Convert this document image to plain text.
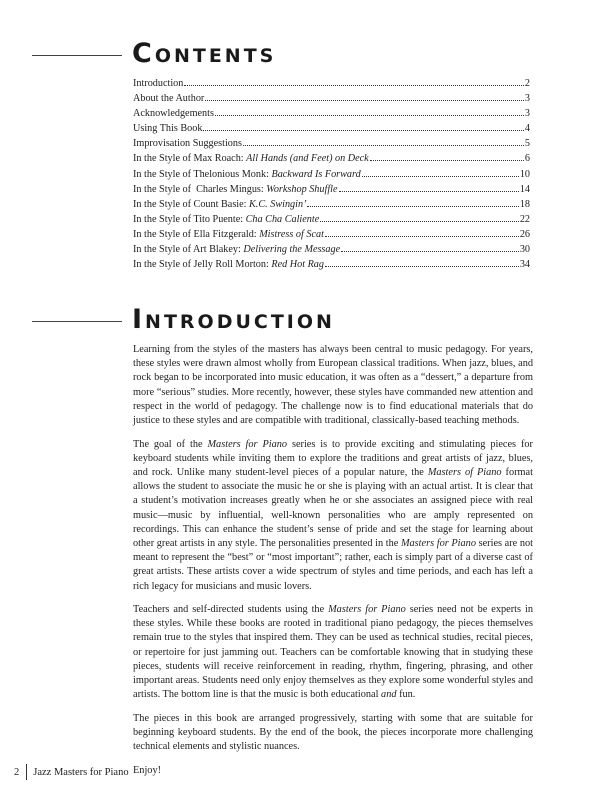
Contents
Introduction	2
About the Author	3
Acknowledgements	3
Using This Book	4
Improvisation Suggestions	5
In the Style of Max Roach: All Hands (and Feet) on Deck	6
In the Style of Thelonious Monk: Backward Is Forward	10
In the Style of  Charles Mingus: Workshop Shuffle	14
In the Style of Count Basie: K.C. Swingin’	18
In the Style of Tito Puente: Cha Cha Caliente	22
In the Style of Ella Fitzgerald: Mistress of Scat	26
In the Style of Art Blakey: Delivering the Message	30
In the Style of Jelly Roll Morton: Red Hot Rag	34
Introduction

Learning from the styles of the masters has always been central to music pedagogy. For years, these styles were drawn almost wholly from European classical traditions. When jazz, blues, and rock began to be incorporated into music education, it was often as a “dessert,” a departure from more “serious” studies. More recently, however, these styles have commanded new attention and respect in the world of pedagogy. The challenge now is to find educational materials that do justice to these styles and are compatible with traditional, classically-based teaching methods.

The goal of the Masters for Piano series is to provide exciting and stimulating pieces for keyboard students while inviting them to explore the traditions and great artists of jazz, blues, and rock. Unlike many student-level pieces of a popular nature, the Masters of Piano format allows the student to associate the music he or she is playing with an actual artist. It is clear that a student’s motivation increases greatly when he or she associates an assigned piece with real music—music by influential, well-known personalities who are amply represented on recordings. This can enhance the student’s sense of pride and set the stage for learning about other great artists in any style. The personalities presented in the Masters for Piano series are not meant to represent the “best” or “most important”; rather, each is simply part of a diverse cast of great artists. These artists cover a wide spectrum of styles and time periods, and each has left a rich legacy for musicians and music lovers.

Teachers and self-directed students using the Masters for Piano series need not be experts in these styles. While these books are rooted in traditional piano pedagogy, the pieces themselves remain true to the styles that inspired them. They can be used as technical studies, recital pieces, or repertoire for just jamming out. Teachers can be comfortable knowing that in studying these pieces, students will receive reinforcement in reading, rhythm, fingering, phrasing, and other important areas. Students need only enjoy themselves as they explore some wonderful styles and artists. The bottom line is that the music is both educational and fun.

The pieces in this book are arranged progressively, starting with some that are suitable for beginning keyboard students. By the end of the book, the pieces incorporate more challenging technical elements and stylistic nuances.

Enjoy!

2 Jazz Masters for Piano
